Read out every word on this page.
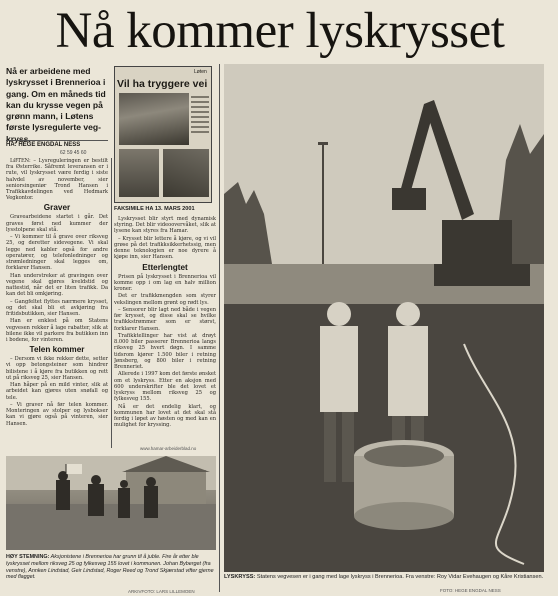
Nå kommer lyskrysset
Nå er arbeidene med lyskrysset i Brennerioa i gang. Om en måneds tid kan du krysse vegen på grønn mann, i Løtens første lysregulerte veg-kryss.
HA: HEGE ENGDAL NESS
62 59 45 60

LØTEN: – Lysreguleringen er bestilt fra Østerrike. Såfremt leveransen er i rute, vil lyskrysset være ferdig i siste halvdel av november, sier seniorsingeniør Trond Hansen i Trafikkavdelingen ved Hedmark Vegkontor.

Graver

Gravearbeidene startet i går. Det graves først ned kummer der lysstolpene skal stå.

– Vi kommer til å grave over riksveg 25, og deretter sidevegene. Vi skal legge ned kabler også for andre operatører, og telefonledninger og strømledninger skal legges om, forklarer Hansen.

Han understreker at gravingen over vegene skal gjøres kveldstid og nattestid, når det er liten trafikk. Da kan det bli omkjøring.

– Gangfeltet flyttes nærmere krysset, og det skal bli et avkjøring fra fritidsbutikken, sier Hansen.

Han er enklest på om Statens vegvesen rekker å lage rabatter, slik at bilene ikke vil parkere fra butikken inn i bodene, for vinteren.

Telen kommer

– Dersom vi ikke rekker dette, setter vi opp betongsteiner som hindrer bilistene i å kjøre fra butikken og rett ut på riksveg 25, sier Hansen.

Han håper på en mild vinter, slik at arbeidet kan gjøres uten snøfall og tele.

– Vi graver nå før telen kommer. Monteringen av stolper og lysbokser kan vi gjøre også på vinteren, sier Hansen.

Løten
Vil ha tryggere vei
FAKSIMILE HA 13. MARS 2001

Lyskrysset blir styrt med dynamisk styring. Det blir videoovervåket, slik at lysene kan styres fra Hamar.

– Krysset blir lettere å kjøre, og vi vil grøse på det trafikksikkerhetssig, men denne teknologien er noe dyrere å kjøpe inn, sier Hansen.

Etterlengtet

Prisen på lyskrysset i Brennerioa vil komme opp i om lag en halv million kroner.

Det er trafikkmengden som styrer vekslingen mellom grønt og rødt lys.

– Sensorer blir lagt ned både i vegen før krysset, og disse skal se hvilke trafikkstrømmer som er størst, forklarer Hansen.

Trafikktellinger har vist at drøyt 8.000 biler passerer Brennerioa langs riksveg 25 hvert døgn. I samme tidsrom kjører 1.500 biler i retning Jønsberg, og 800 biler i retning Brenneriet.

Allerede i 1997 kom det første ønsket om et lyskryss. Etter en aksjon med 600 underskrifter ble det lovet et lyskryss mellom riksveg 25 og fylkesveg 155.

Nå er det endelig klart, og kommunen har lovet at det skal stå ferdig i løpet av høsten og med kan en mulighet for kryssing.

www.hamar-arbeiderblad.no
HØY STEMNING: Aksjonistene i Brennerioa har grunn til å juble. Fire år etter ble lyskrysset mellom riksveg 25 og fylkesveg 155 lovet i kommunen. Johan Byberget (fra venstre), Annken Lindstad, Geir Lindstad, Roger Reed og Trond Skjærstad vifter gjerne med flagget.
ARKIVFOTO: LARS LILLEMOEN
LYSKRYSS: Statens vegvesen er i gang med lage lyskryss i Brennerioa. Fra venstre: Roy Vidar Evehaugen og Kåre Kristiansen.
FOTO: HEGE ENGDAL NESS
